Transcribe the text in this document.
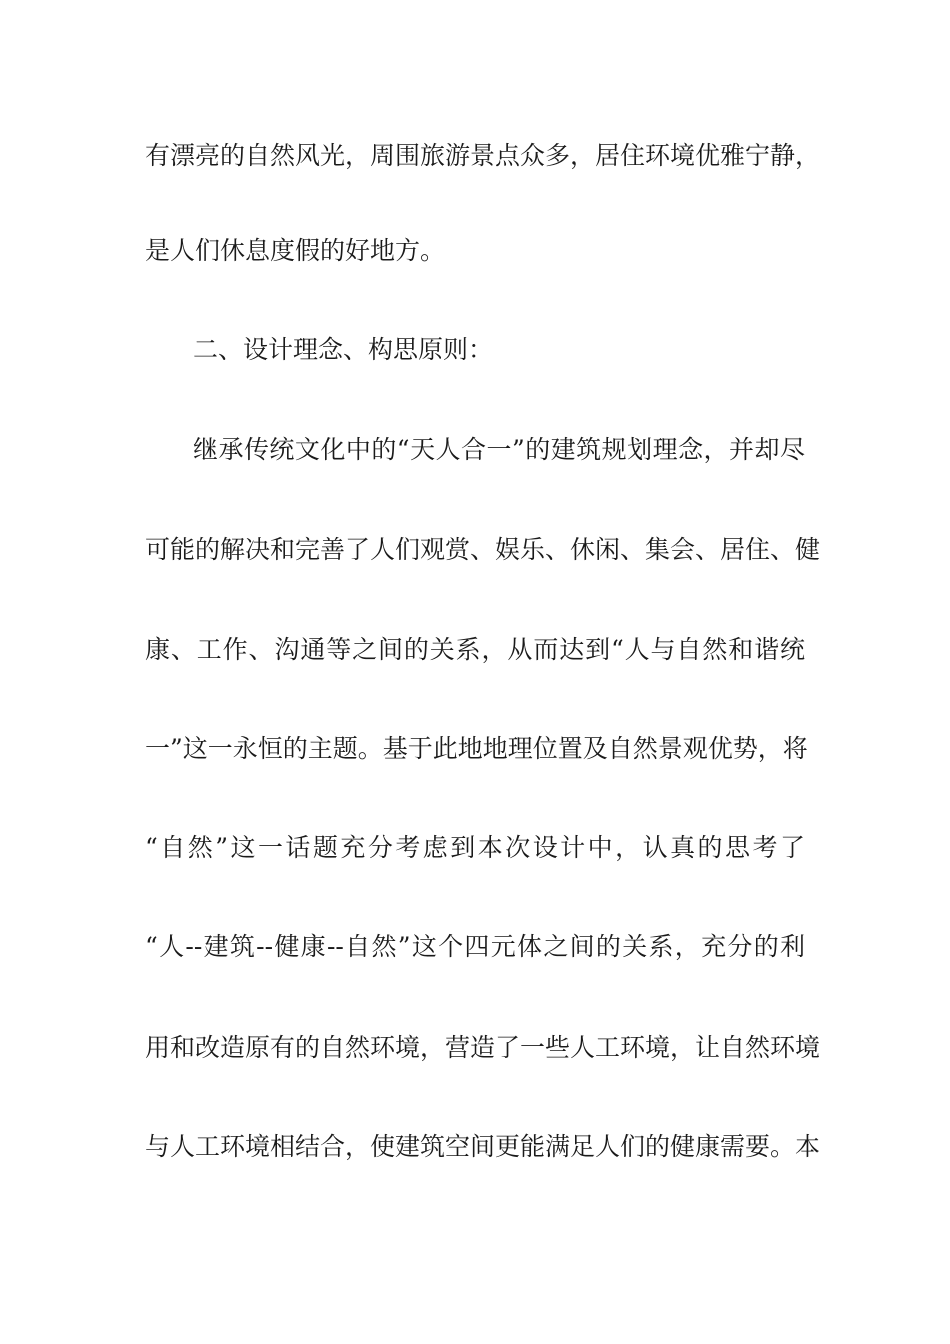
有漂亮的自然风光，周围旅游景点众多，居住环境优雅宁静，
是人们休息度假的好地方。
二、设计理念、构思原则：
继承传统文化中的“天人合一”的建筑规划理念，并却尽
可能的解决和完善了人们观赏、娱乐、休闲、集会、居住、健
康、工作、沟通等之间的关系，从而达到“人与自然和谐统
一”这一永恒的主题。基于此地地理位置及自然景观优势，将
“自然”这一话题充分考虑到本次设计中，认真的思考了
“人--建筑--健康--自然”这个四元体之间的关系，充分的利
用和改造原有的自然环境，营造了一些人工环境，让自然环境
与人工环境相结合，使建筑空间更能满足人们的健康需要。本
